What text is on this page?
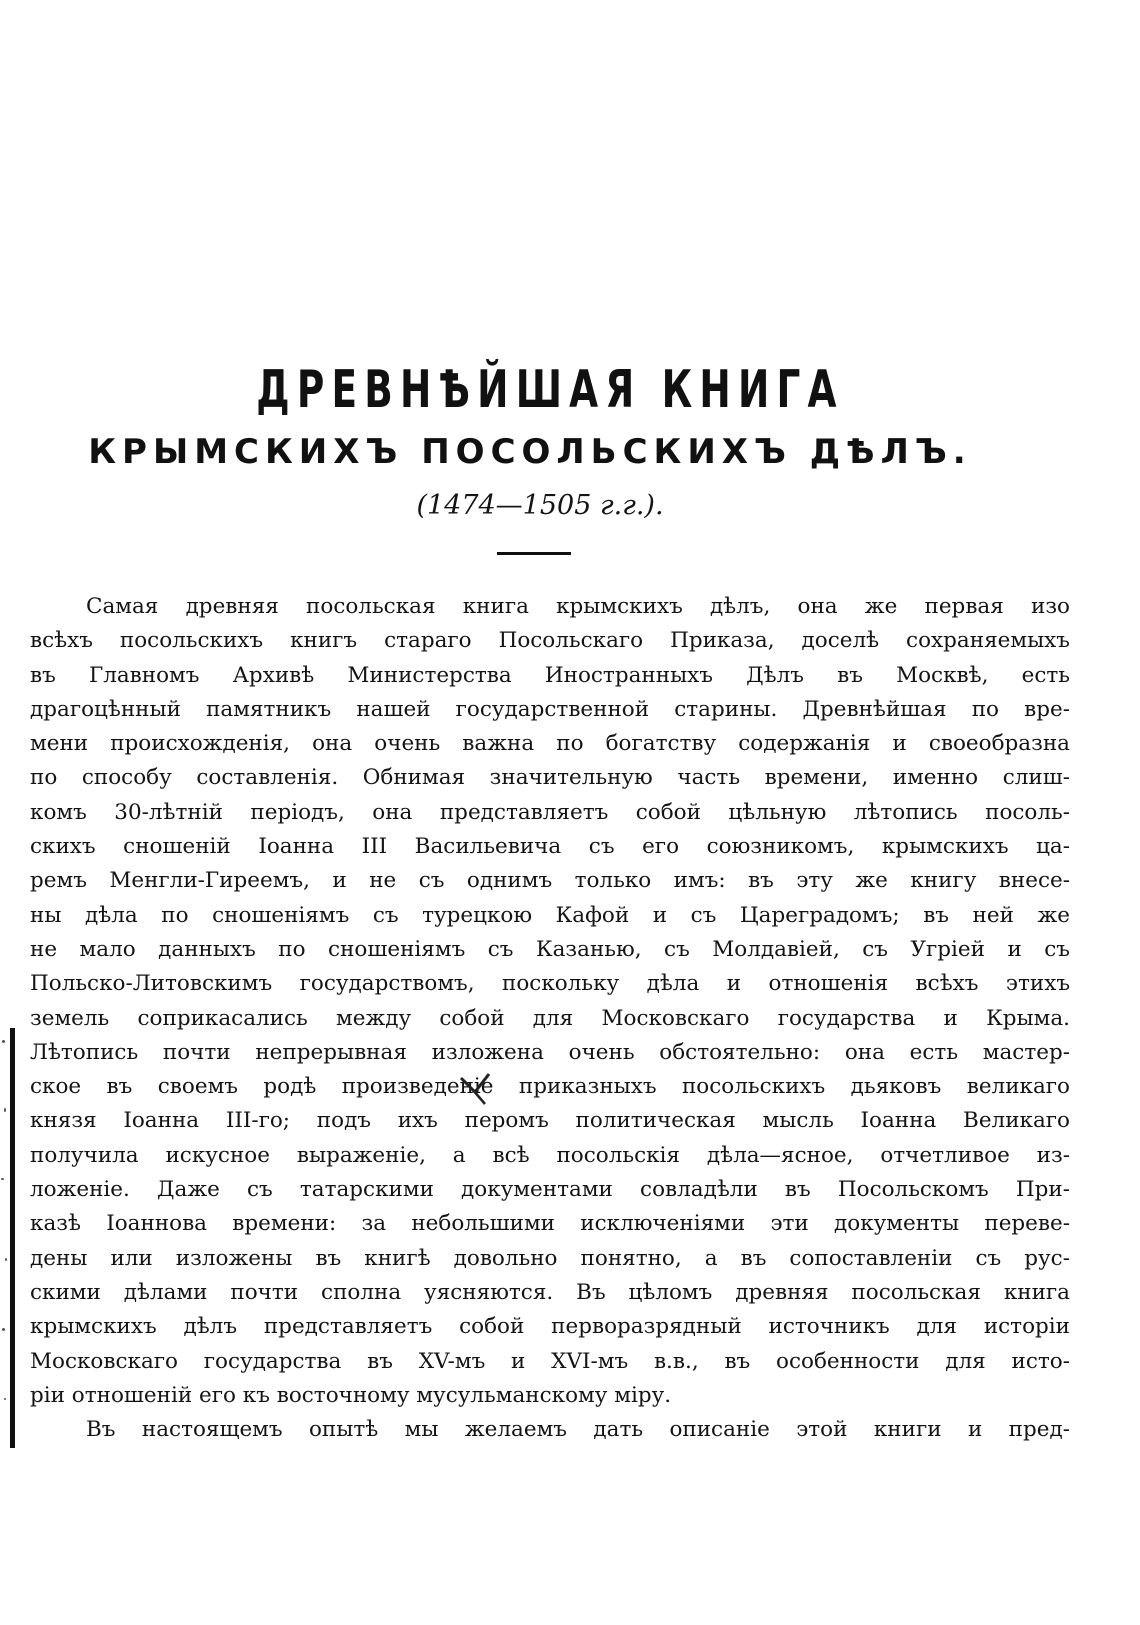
ДРЕВНѢЙШАЯ КНИГА
КРЫМСКИХЪ ПОСОЛЬСКИХЪ ДѢЛЪ.
(1474—1505 г.г.).
Самая древняя посольская книга крымскихъ дѣлъ, она же первая изо
всѣхъ посольскихъ книгъ стараго Посольскаго Приказа, доселѣ сохраняемыхъ
въ Главномъ Архивѣ Министерства Иностранныхъ Дѣлъ въ Москвѣ, есть
драгоцѣнный памятникъ нашей государственной старины. Древнѣйшая по вре-
мени происхожденія, она очень важна по богатству содержанія и своеобразна
по способу составленія. Обнимая значительную часть времени, именно слиш-
комъ 30-лѣтній періодъ, она представляетъ собой цѣльную лѣтопись посоль-
скихъ сношеній Іоанна III Васильевича съ его союзникомъ, крымскихъ ца-
ремъ Менгли-Гиреемъ, и не съ однимъ только имъ: въ эту же книгу внесе-
ны дѣла по сношеніямъ съ турецкою Кафой и съ Царегрaдомъ; въ ней же
не мало данныхъ по сношеніямъ съ Казанью, съ Молдавіей, съ Угріей и съ
Польско-Литовскимъ государствомъ, поскольку дѣла и отношенія всѣхъ этихъ
земель соприкасались между собой для Московскаго государства и Крыма.
Лѣтопись почти непрерывная изложена очень обстоятельно: она есть мастер-
ское въ своемъ родѣ произведеніе приказныхъ посольскихъ дьяковъ великаго
князя Іоанна III-го; подъ ихъ перомъ политическая мысль Іоанна Великаго
получила искусное выраженіе, а всѣ посольскія дѣла—ясное, отчетливое из-
ложеніе. Даже съ татарскими документами совладѣли въ Посольскомъ При-
казѣ Іоаннова времени: за небольшими исключеніями эти документы переве-
дены или изложены въ книгѣ довольно понятно, а въ сопоставленіи съ рус-
скими дѣлами почти сполна уясняются. Въ цѣломъ древняя посольская книга
крымскихъ дѣлъ представляетъ собой перворазрядный источникъ для исторіи
Московскаго государства въ XV-мъ и XVI-мъ в.в., въ особенности для исто-
ріи отношеній его къ восточному мусульманскому міру.
Въ настоящемъ опытѣ мы желаемъ дать описаніе этой книги и пред-
